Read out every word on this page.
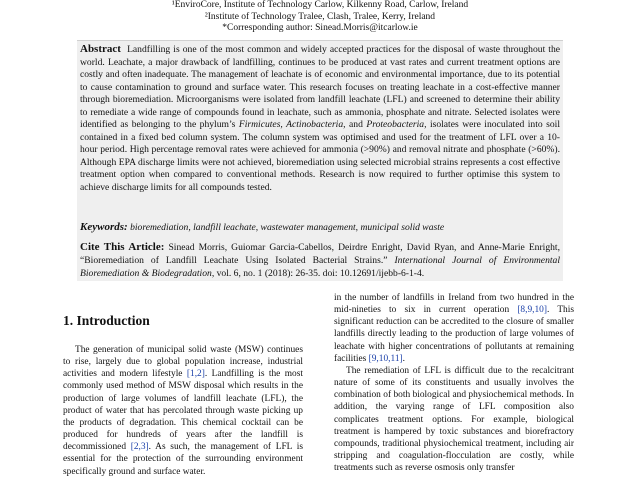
¹EnviroCore, Institute of Technology Carlow, Kilkenny Road, Carlow, Ireland
²Institute of Technology Tralee, Clash, Tralee, Kerry, Ireland
*Corresponding author: Sinead.Morris@itcarlow.ie

Abstract Landfilling is one of the most common and widely accepted practices for the disposal of waste throughout the world. Leachate, a major drawback of landfilling, continues to be produced at vast rates and current treatment options are costly and often inadequate. The management of leachate is of economic and environmental importance, due to its potential to cause contamination to ground and surface water. This research focuses on treating leachate in a cost-effective manner through bioremediation. Microorganisms were isolated from landfill leachate (LFL) and screened to determine their ability to remediate a wide range of compounds found in leachate, such as ammonia, phosphate and nitrate. Selected isolates were identified as belonging to the phylum’s Firmicutes, Actinobacteria, and Proteobacteria, isolates were inoculated into soil contained in a fixed bed column system. The column system was optimised and used for the treatment of LFL over a 10-hour period. High percentage removal rates were achieved for ammonia (>90%) and removal nitrate and phosphate (>60%). Although EPA discharge limits were not achieved, bioremediation using selected microbial strains represents a cost effective treatment option when compared to conventional methods. Research is now required to further optimise this system to achieve discharge limits for all compounds tested.

Keywords: bioremediation, landfill leachate, wastewater management, municipal solid waste

Cite This Article: Sinead Morris, Guiomar Garcia-Cabellos, Deirdre Enright, David Ryan, and Anne-Marie Enright, “Bioremediation of Landfill Leachate Using Isolated Bacterial Strains.” International Journal of Environmental Bioremediation & Biodegradation, vol. 6, no. 1 (2018): 26-35. doi: 10.12691/ijebb-6-1-4.

1. Introduction

The generation of municipal solid waste (MSW) continues to rise, largely due to global population increase, industrial activities and modern lifestyle [1,2]. Landfilling is the most commonly used method of MSW disposal which results in the production of large volumes of landfill leachate (LFL), the product of water that has percolated through waste picking up the products of degradation. This chemical cocktail can be produced for hundreds of years after the landfill is decommissioned [2,3]. As such, the management of LFL is essential for the protection of the surrounding environment specifically ground and surface water.

in the number of landfills in Ireland from two hundred in the mid-nineties to six in current operation [8,9,10]. This significant reduction can be accredited to the closure of smaller landfills directly leading to the production of large volumes of leachate with higher concentrations of pollutants at remaining facilities [9,10,11].

The remediation of LFL is difficult due to the recalcitrant nature of some of its constituents and usually involves the combination of both biological and physiochemical methods. In addition, the varying range of LFL composition also complicates treatment options. For example, biological treatment is hampered by toxic substances and biorefractory compounds, traditional physiochemical treatment, including air stripping and coagulation-flocculation are costly, while treatments such as reverse osmosis only transfer
